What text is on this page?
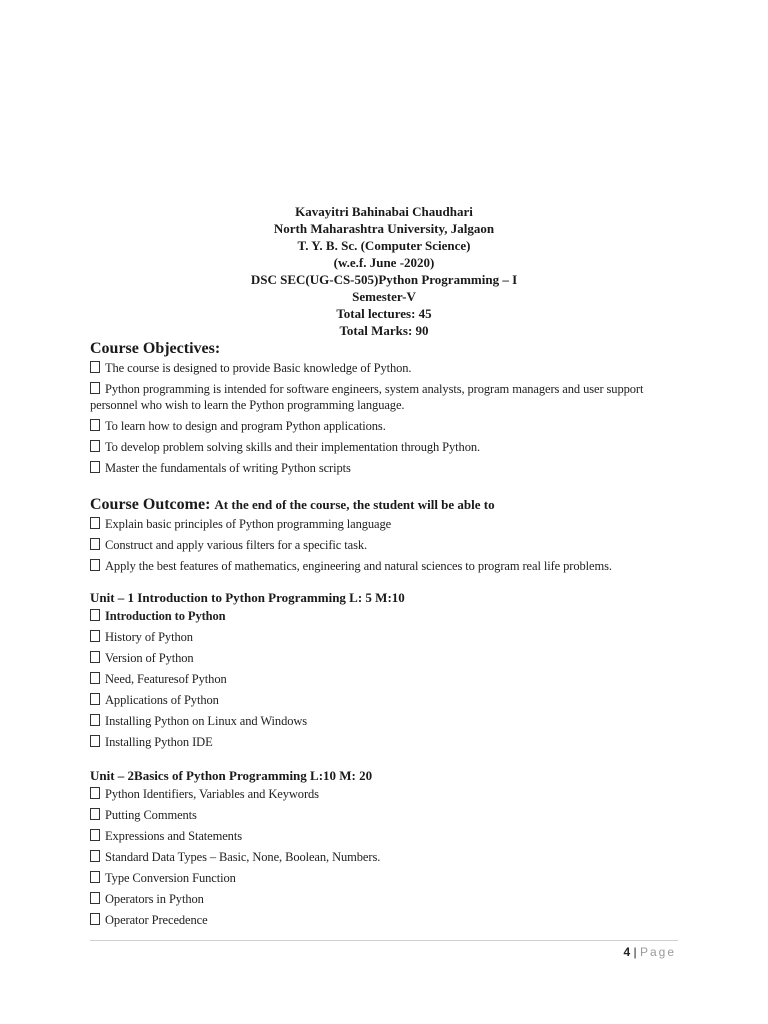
Kavayitri Bahinabai Chaudhari
North Maharashtra University, Jalgaon
T. Y. B. Sc. (Computer Science)
(w.e.f. June -2020)
DSC SEC(UG-CS-505)Python Programming – I
Semester-V
Total lectures: 45
Total Marks: 90
Course Objectives:
The course is designed to provide Basic knowledge of Python.
Python programming is intended for software engineers, system analysts, program managers and user support personnel who wish to learn the Python programming language.
To learn how to design and program Python applications.
To develop problem solving skills and their implementation through Python.
Master the fundamentals of writing Python scripts
Course Outcome: At the end of the course, the student will be able to
Explain basic principles of Python programming language
Construct and apply various filters for a specific task.
Apply the best features of mathematics, engineering and natural sciences to program real life problems.
Unit – 1 Introduction to Python Programming L: 5 M:10
Introduction to Python
History of Python
Version of Python
Need, Featuresof Python
Applications of Python
Installing Python on Linux and Windows
Installing Python IDE
Unit – 2Basics of Python Programming L:10 M: 20
Python Identifiers, Variables and Keywords
Putting Comments
Expressions and Statements
Standard Data Types – Basic, None, Boolean, Numbers.
Type Conversion Function
Operators in Python
Operator Precedence
4 | Page
